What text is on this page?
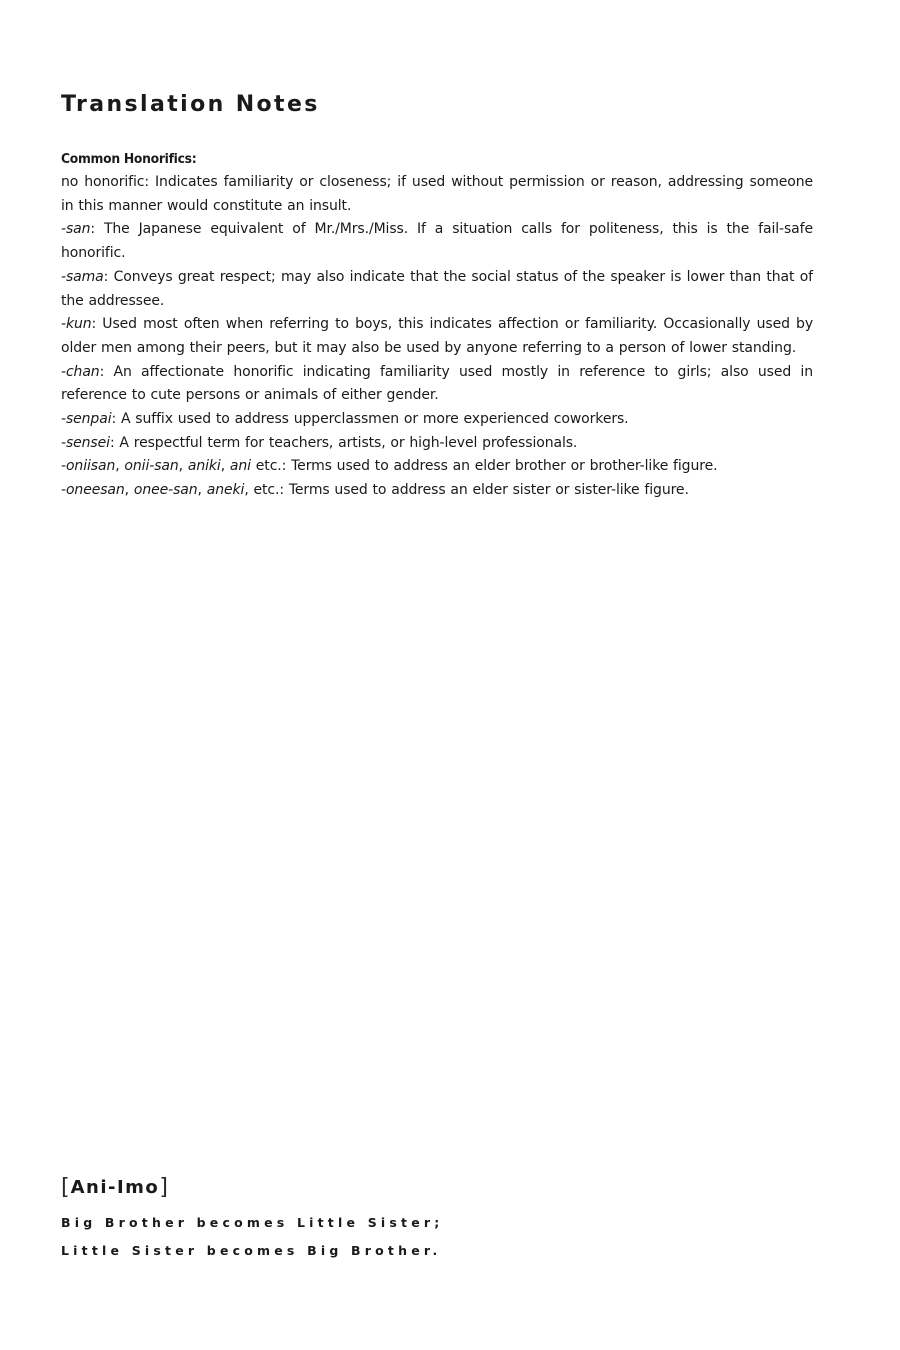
Translation Notes
Common Honorifics:
no honorific: Indicates familiarity or closeness; if used without permission or reason, addressing someone in this manner would constitute an insult.
-san: The Japanese equivalent of Mr./Mrs./Miss. If a situation calls for politeness, this is the fail-safe honorific.
-sama: Conveys great respect; may also indicate that the social status of the speaker is lower than that of the addressee.
-kun: Used most often when referring to boys, this indicates affection or familiarity. Occasionally used by older men among their peers, but it may also be used by anyone referring to a person of lower standing.
-chan: An affectionate honorific indicating familiarity used mostly in reference to girls; also used in reference to cute persons or animals of either gender.
-senpai: A suffix used to address upperclassmen or more experienced coworkers.
-sensei: A respectful term for teachers, artists, or high-level professionals.
-oniisan, onii-san, aniki, ani etc.: Terms used to address an elder brother or brother-like figure.
-oneesan, onee-san, aneki, etc.: Terms used to address an elder sister or sister-like figure.
[ Ani-Imo ]
Big Brother becomes Little Sister;
Little Sister becomes Big Brother.
